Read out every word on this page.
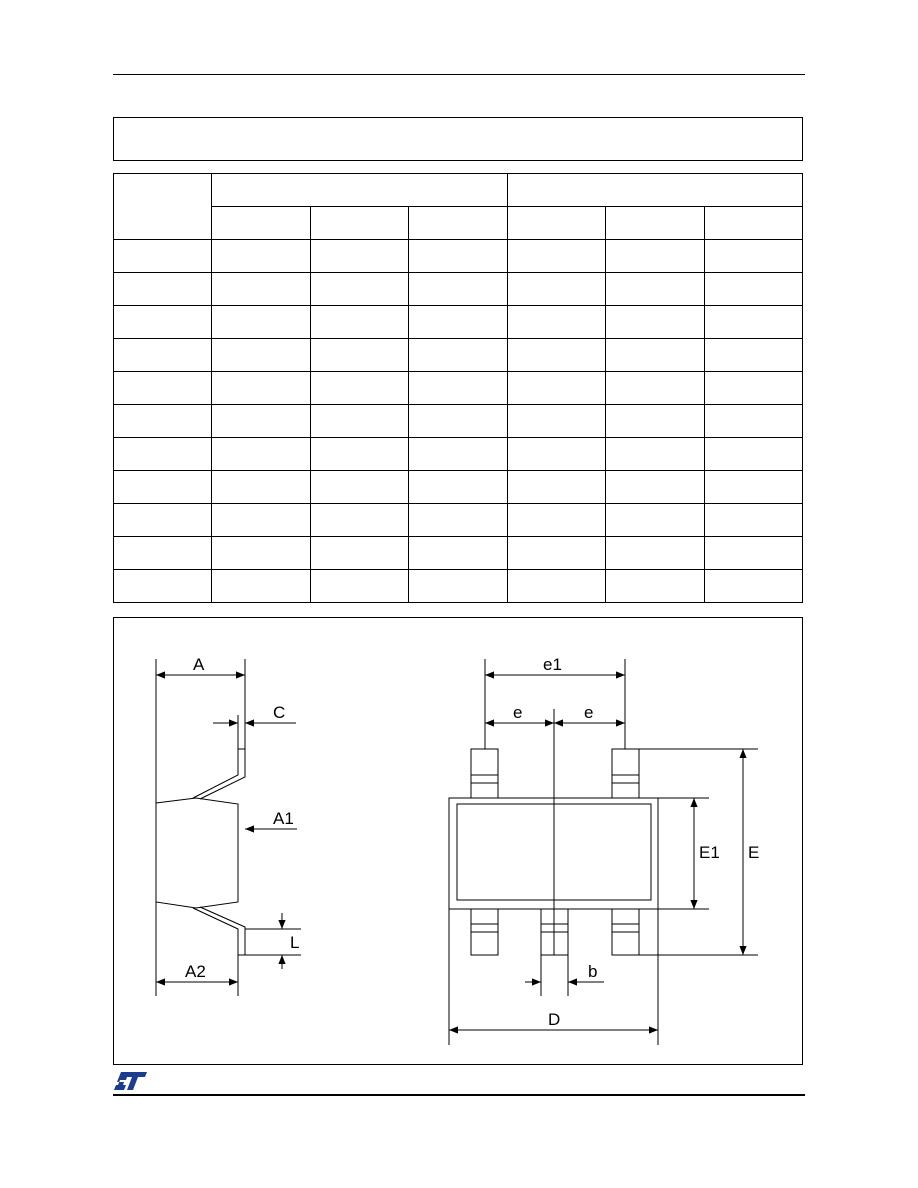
A
C
A1
L
A2
e1
e	e
E1 E
b
D
